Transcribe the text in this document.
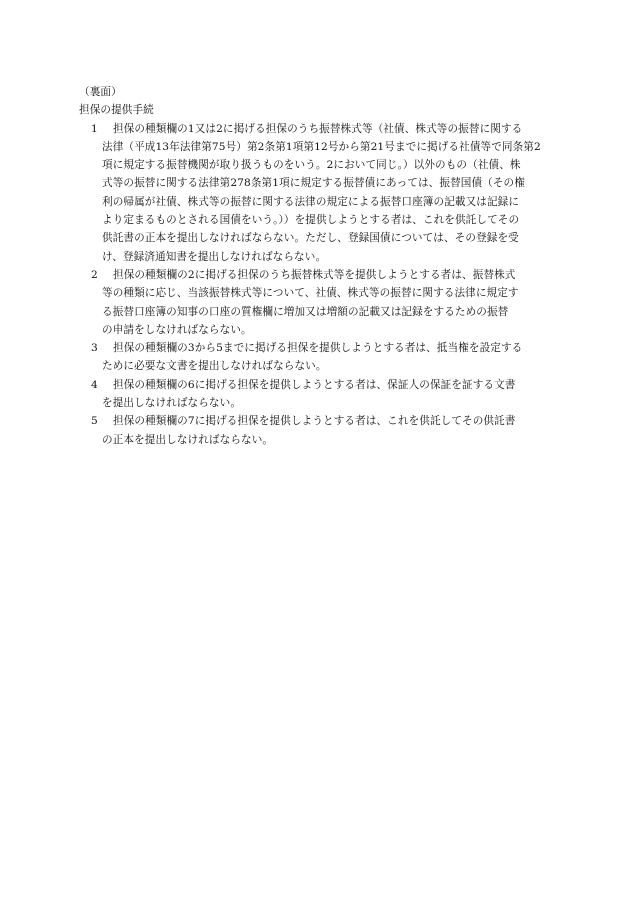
（裏面）
担保の提供手続
1 担保の種類欄の1又は2に掲げる担保のうち振替株式等（社債、株式等の振替に関する
法律（平成13年法律第75号）第2条第1項第12号から第21号までに掲げる社債等で同条第2
項に規定する振替機関が取り扱うものをいう。2において同じ。）以外のもの（社債、株
式等の振替に関する法律第278条第1項に規定する振替債にあっては、振替国債（その権
利の帰属が社債、株式等の振替に関する法律の規定による振替口座簿の記載又は記録に
より定まるものとされる国債をいう。））を提供しようとする者は、これを供託してその
供託書の正本を提出しなければならない。ただし、登録国債については、その登録を受
け、登録済通知書を提出しなければならない。
2 担保の種類欄の2に掲げる担保のうち振替株式等を提供しようとする者は、振替株式
等の種類に応じ、当該振替株式等について、社債、株式等の振替に関する法律に規定す
る振替口座簿の知事の口座の質権欄に増加又は増額の記載又は記録をするための振替
の申請をしなければならない。
3 担保の種類欄の3から5までに掲げる担保を提供しようとする者は、抵当権を設定する
ために必要な文書を提出しなければならない。
4 担保の種類欄の6に掲げる担保を提供しようとする者は、保証人の保証を証する文書
を提出しなければならない。
5 担保の種類欄の7に掲げる担保を提供しようとする者は、これを供託してその供託書
の正本を提出しなければならない。
